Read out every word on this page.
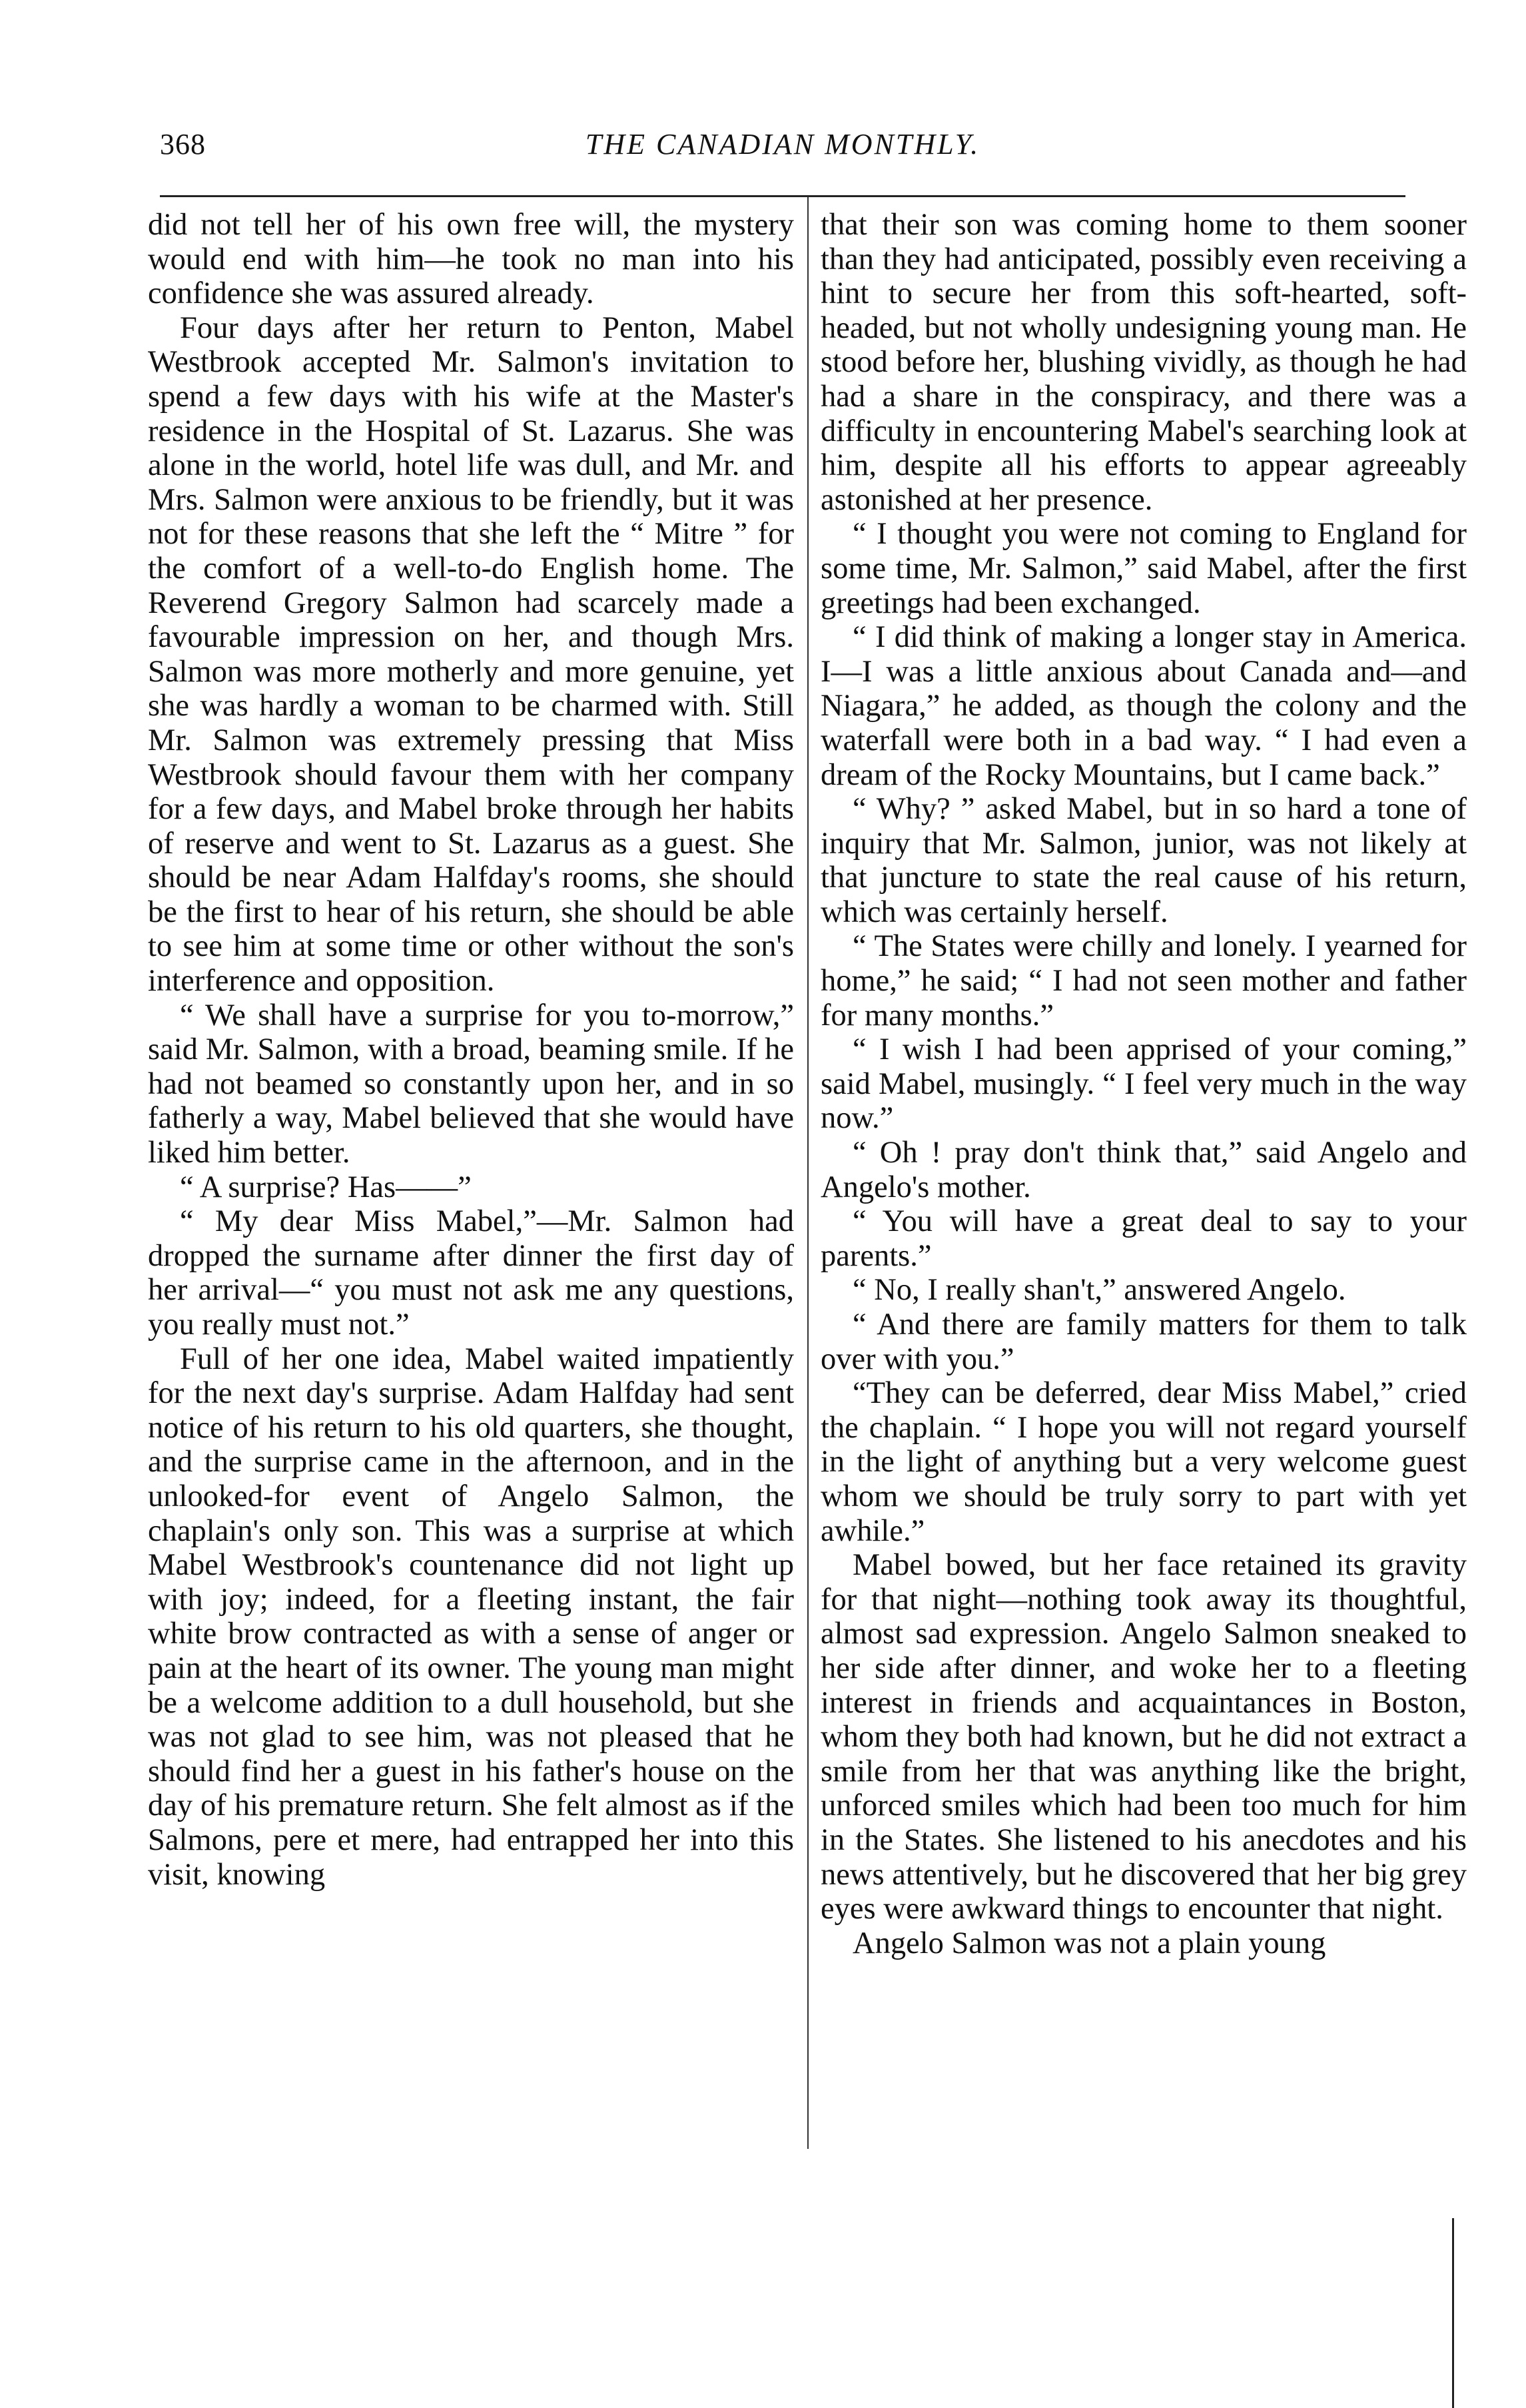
368	THE CANADIAN MONTHLY.

did not tell her of his own free will, the mystery would end with him—he took no man into his confidence she was assured already.

Four days after her return to Penton, Mabel Westbrook accepted Mr. Salmon's invitation to spend a few days with his wife at the Master's residence in the Hospital of St. Lazarus. She was alone in the world, hotel life was dull, and Mr. and Mrs. Salmon were anxious to be friendly, but it was not for these reasons that she left the “ Mitre ” for the comfort of a well-to-do English home. The Reverend Gregory Salmon had scarcely made a favourable impression on her, and though Mrs. Salmon was more motherly and more genuine, yet she was hardly a woman to be charmed with. Still Mr. Salmon was extremely pressing that Miss Westbrook should favour them with her company for a few days, and Mabel broke through her habits of reserve and went to St. Lazarus as a guest. She should be near Adam Halfday's rooms, she should be the first to hear of his return, she should be able to see him at some time or other without the son's interference and opposition.

“ We shall have a surprise for you to-morrow,” said Mr. Salmon, with a broad, beaming smile. If he had not beamed so constantly upon her, and in so fatherly a way, Mabel believed that she would have liked him better.

“ A surprise? Has——”

“ My dear Miss Mabel,”—Mr. Salmon had dropped the surname after dinner the first day of her arrival—“ you must not ask me any questions, you really must not.”

Full of her one idea, Mabel waited impatiently for the next day's surprise. Adam Halfday had sent notice of his return to his old quarters, she thought, and the surprise came in the afternoon, and in the unlooked-for event of Angelo Salmon, the chaplain's only son. This was a surprise at which Mabel Westbrook's countenance did not light up with joy; indeed, for a fleeting instant, the fair white brow contracted as with a sense of anger or pain at the heart of its owner. The young man might be a welcome addition to a dull household, but she was not glad to see him, was not pleased that he should find her a guest in his father's house on the day of his premature return. She felt almost as if the Salmons, pere et mere, had entrapped her into this visit, knowing

that their son was coming home to them sooner than they had anticipated, possibly even receiving a hint to secure her from this soft-hearted, soft-headed, but not wholly undesigning young man. He stood before her, blushing vividly, as though he had had a share in the conspiracy, and there was a difficulty in encountering Mabel's searching look at him, despite all his efforts to appear agreeably astonished at her presence.

“ I thought you were not coming to England for some time, Mr. Salmon,” said Mabel, after the first greetings had been exchanged.

“ I did think of making a longer stay in America. I—I was a little anxious about Canada and—and Niagara,” he added, as though the colony and the waterfall were both in a bad way. “ I had even a dream of the Rocky Mountains, but I came back.”

“ Why? ” asked Mabel, but in so hard a tone of inquiry that Mr. Salmon, junior, was not likely at that juncture to state the real cause of his return, which was certainly herself.

“ The States were chilly and lonely. I yearned for home,” he said; “ I had not seen mother and father for many months.”

“ I wish I had been apprised of your coming,” said Mabel, musingly. “ I feel very much in the way now.”

“ Oh ! pray don't think that,” said Angelo and Angelo's mother.

“ You will have a great deal to say to your parents.”

“ No, I really shan't,” answered Angelo.

“ And there are family matters for them to talk over with you.”

“They can be deferred, dear Miss Mabel,” cried the chaplain. “ I hope you will not regard yourself in the light of anything but a very welcome guest whom we should be truly sorry to part with yet awhile.”

Mabel bowed, but her face retained its gravity for that night—nothing took away its thoughtful, almost sad expression. Angelo Salmon sneaked to her side after dinner, and woke her to a fleeting interest in friends and acquaintances in Boston, whom they both had known, but he did not extract a smile from her that was anything like the bright, unforced smiles which had been too much for him in the States. She listened to his anecdotes and his news attentively, but he discovered that her big grey eyes were awkward things to encounter that night.

Angelo Salmon was not a plain young
